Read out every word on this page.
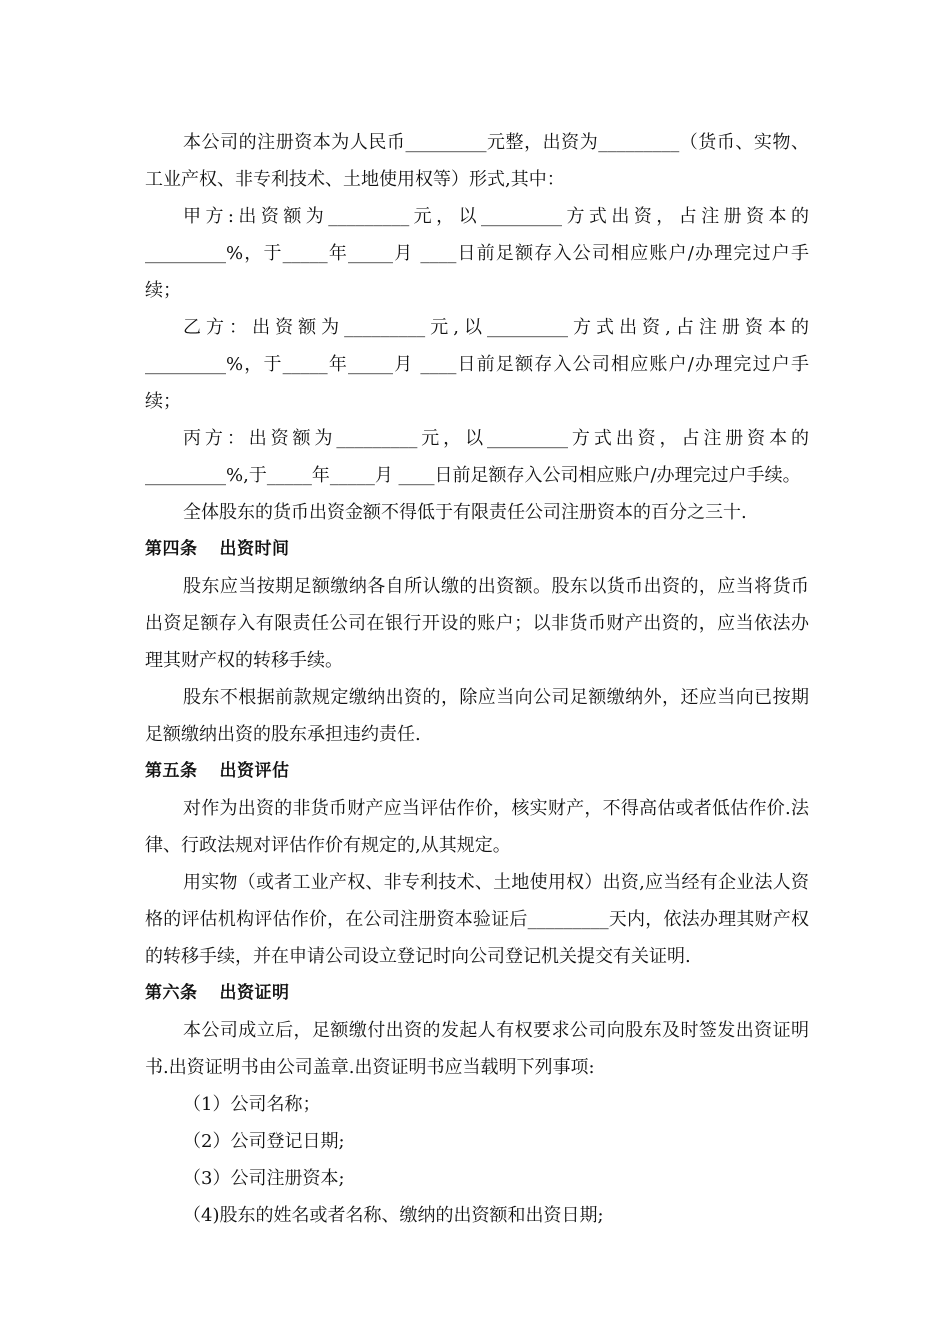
本公司的注册资本为人民币_________元整，出资为_________（货币、实物、工业产权、非专利技术、土地使用权等）形式,其中：

甲方:出资额为_________元，以_________方式出资，占注册资本的_________%，于_____年_____月 ____日前足额存入公司相应账户/办理完过户手续；

乙方：出资额为_________元,以_________方式出资,占注册资本的_________%，于_____年_____月 ____日前足额存入公司相应账户/办理完过户手续；

丙方：出资额为_________元，以_________方式出资，占注册资本的_________%,于_____年_____月 ____日前足额存入公司相应账户/办理完过户手续。

全体股东的货币出资金额不得低于有限责任公司注册资本的百分之三十.

第四条 出资时间

股东应当按期足额缴纳各自所认缴的出资额。股东以货币出资的，应当将货币出资足额存入有限责任公司在银行开设的账户；以非货币财产出资的，应当依法办理其财产权的转移手续。

股东不根据前款规定缴纳出资的，除应当向公司足额缴纳外，还应当向已按期足额缴纳出资的股东承担违约责任.

第五条 出资评估

对作为出资的非货币财产应当评估作价，核实财产，不得高估或者低估作价.法律、行政法规对评估作价有规定的,从其规定。

用实物（或者工业产权、非专利技术、土地使用权）出资,应当经有企业法人资格的评估机构评估作价，在公司注册资本验证后_________天内，依法办理其财产权的转移手续，并在申请公司设立登记时向公司登记机关提交有关证明.

第六条 出资证明

本公司成立后，足额缴付出资的发起人有权要求公司向股东及时签发出资证明书.出资证明书由公司盖章.出资证明书应当载明下列事项:

（1）公司名称；

（2）公司登记日期;

（3）公司注册资本;

（4)股东的姓名或者名称、缴纳的出资额和出资日期;
